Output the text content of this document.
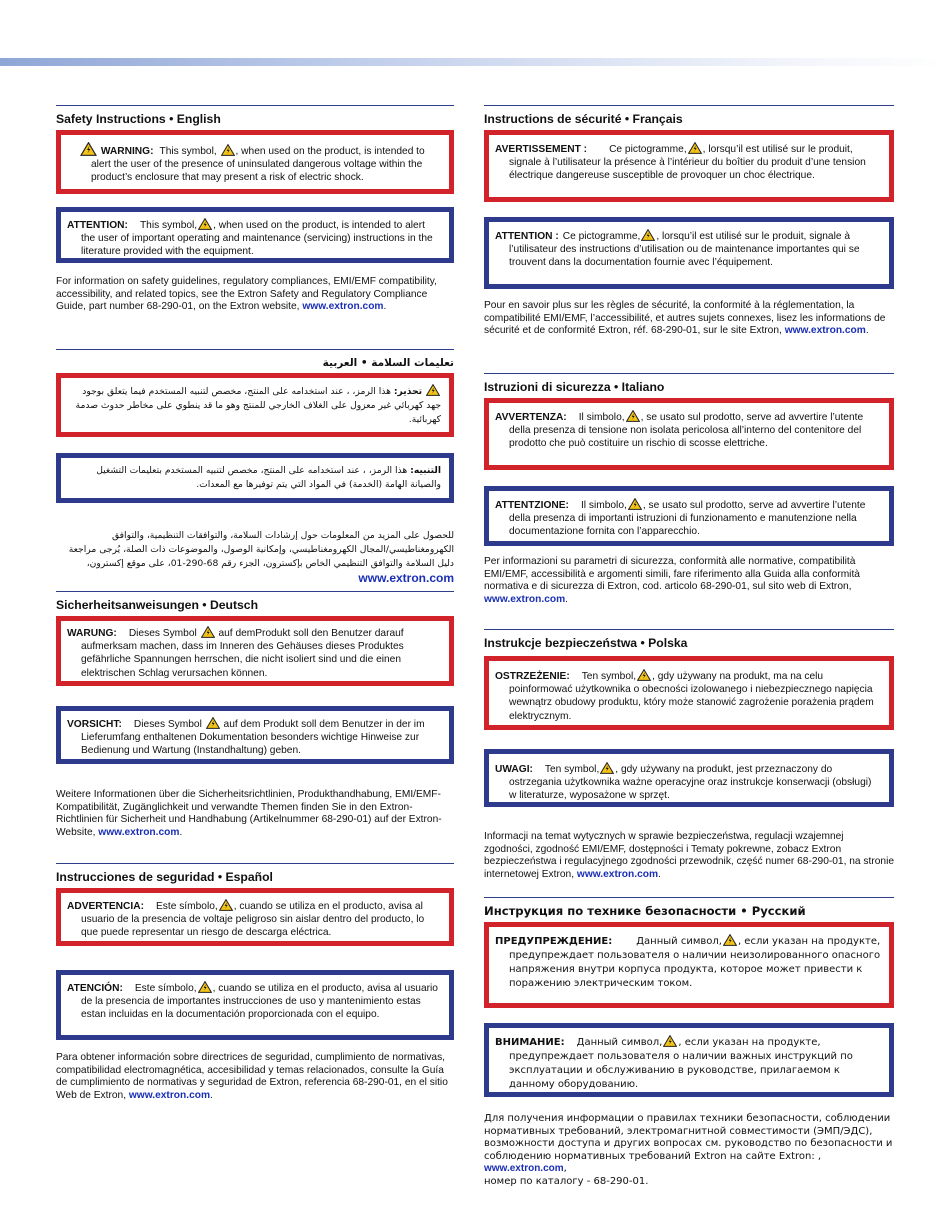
Safety Instructions • English
WARNING: This symbol, , when used on the product, is intended to alert the user of the presence of uninsulated dangerous voltage within the product’s enclosure that may present a risk of electric shock.
ATTENTION: This symbol, , when used on the product, is intended to alert the user of important operating and maintenance (servicing) instructions in the literature provided with the equipment.
For information on safety guidelines, regulatory compliances, EMI/EMF compatibility, accessibility, and related topics, see the Extron Safety and Regulatory Compliance Guide, part number 68-290-01, on the Extron website, www.extron.com.
تعليمات السلامة • العربية
تحذير: هذا الرمز، ، عند استخدامه على المنتج، مخصص لتنبيه المستخدم فيما يتعلق بوجود جهد كهربائي غير معزول على الغلاف الخارجي للمنتج وهو ما قد ينطوي على مخاطر حدوث صدمة كهربائية.
التنبيه: هذا الرمز، ، عند استخدامه على المنتج، مخصص لتنبيه المستخدم بتعليمات التشغيل والصيانة الهامة (الخدمة) في المواد التي يتم توفيرها مع المعدات.
للحصول على المزيد من المعلومات حول إرشادات السلامة، والتوافقات التنظيمية، والتوافق الكهرومغناطيسي/المجال الكهرومغناطيسي، وإمكانية الوصول، والموضوعات ذات الصلة، يُرجى مراجعة دليل السلامة والتوافق التنظيمي الخاص بإكسترون، الجزء رقم 68-290-01، على موقع إكسترون، www.extron.com
Sicherheitsanweisungen • Deutsch
WARUNG: Dieses Symbol auf demProdukt soll den Benutzer darauf aufmerksam machen, dass im Inneren des Gehäuses dieses Produktes gefährliche Spannungen herrschen, die nicht isoliert sind und die einen elektrischen Schlag verursachen können.
VORSICHT: Dieses Symbol auf dem Produkt soll dem Benutzer in der im Lieferumfang enthaltenen Dokumentation besonders wichtige Hinweise zur Bedienung und Wartung (Instandhaltung) geben.
Weitere Informationen über die Sicherheitsrichtlinien, Produkthandhabung, EMI/EMF-Kompatibilität, Zugänglichkeit und verwandte Themen finden Sie in den Extron-Richtlinien für Sicherheit und Handhabung (Artikelnummer 68-290-01) auf der Extron-Website, www.extron.com.
Instrucciones de seguridad • Español
ADVERTENCIA: Este símbolo, , cuando se utiliza en el producto, avisa al usuario de la presencia de voltaje peligroso sin aislar dentro del producto, lo que puede representar un riesgo de descarga eléctrica.
ATENCIÓN: Este símbolo, , cuando se utiliza en el producto, avisa al usuario de la presencia de importantes instrucciones de uso y mantenimiento estas estan incluidas en la documentación proporcionada con el equipo.
Para obtener información sobre directrices de seguridad, cumplimiento de normativas, compatibilidad electromagnética, accesibilidad y temas relacionados, consulte la Guía de cumplimiento de normativas y seguridad de Extron, referencia 68-290-01, en el sitio Web de Extron, www.extron.com.
Instructions de sécurité • Français
AVERTISSEMENT : Ce pictogramme, , lorsqu’il est utilisé sur le produit, signale à l’utilisateur la présence à l’intérieur du boîtier du produit d’une tension électrique dangereuse susceptible de provoquer un choc électrique.
ATTENTION : Ce pictogramme, , lorsqu’il est utilisé sur le produit, signale à l’utilisateur des instructions d’utilisation ou de maintenance importantes qui se trouvent dans la documentation fournie avec l’équipement.
Pour en savoir plus sur les règles de sécurité, la conformité à la réglementation, la compatibilité EMI/EMF, l’accessibilité, et autres sujets connexes, lisez les informations de sécurité et de conformité Extron, réf. 68-290-01, sur le site Extron, www.extron.com.
Istruzioni di sicurezza • Italiano
AVVERTENZA: Il simbolo, , se usato sul prodotto, serve ad avvertire l’utente della presenza di tensione non isolata pericolosa all’interno del contenitore del prodotto che può costituire un rischio di scosse elettriche.
ATTENTZIONE: Il simbolo, , se usato sul prodotto, serve ad avvertire l’utente della presenza di importanti istruzioni di funzionamento e manutenzione nella documentazione fornita con l’apparecchio.
Per informazioni su parametri di sicurezza, conformità alle normative, compatibilità EMI/EMF, accessibilità e argomenti simili, fare riferimento alla Guida alla conformità normativa e di sicurezza di Extron, cod. articolo 68-290-01, sul sito web di Extron, www.extron.com.
Instrukcje bezpieczeństwa • Polska
OSTRZEŻENIE: Ten symbol, , gdy używany na produkt, ma na celu poinformować użytkownika o obecności izolowanego i niebezpiecznego napięcia wewnątrz obudowy produktu, który może stanowić zagrożenie porażenia prądem elektrycznym.
UWAGI: Ten symbol, , gdy używany na produkt, jest przeznaczony do ostrzegania użytkownika ważne operacyjne oraz instrukcje konserwacji (obsługi) w literaturze, wyposażone w sprzęt.
Informacji na temat wytycznych w sprawie bezpieczeństwa, regulacji wzajemnej zgodności, zgodność EMI/EMF, dostępności i Tematy pokrewne, zobacz Extron bezpieczeństwa i regulacyjnego zgodności przewodnik, część numer 68-290-01, na stronie internetowej Extron, www.extron.com.
Инструкция по технике безопасности • Русский
ПРЕДУПРЕЖДЕНИЕ: Данный символ, , если указан на продукте, предупреждает пользователя о наличии неизолированного опасного напряжения внутри корпуса продукта, которое может привести к поражению электрическим током.
ВНИМАНИЕ: Данный символ, , если указан на продукте, предупреждает пользователя о наличии важных инструкций по эксплуатации и обслуживанию в руководстве, прилагаемом к данному оборудованию.
Для получения информации о правилах техники безопасности, соблюдении нормативных требований, электромагнитной совместимости (ЭМП/ЭДС), возможности доступа и других вопросах см. руководство по безопасности и соблюдению нормативных требований Extron на сайте Extron: , www.extron.com,
номер по каталогу - 68-290-01.
